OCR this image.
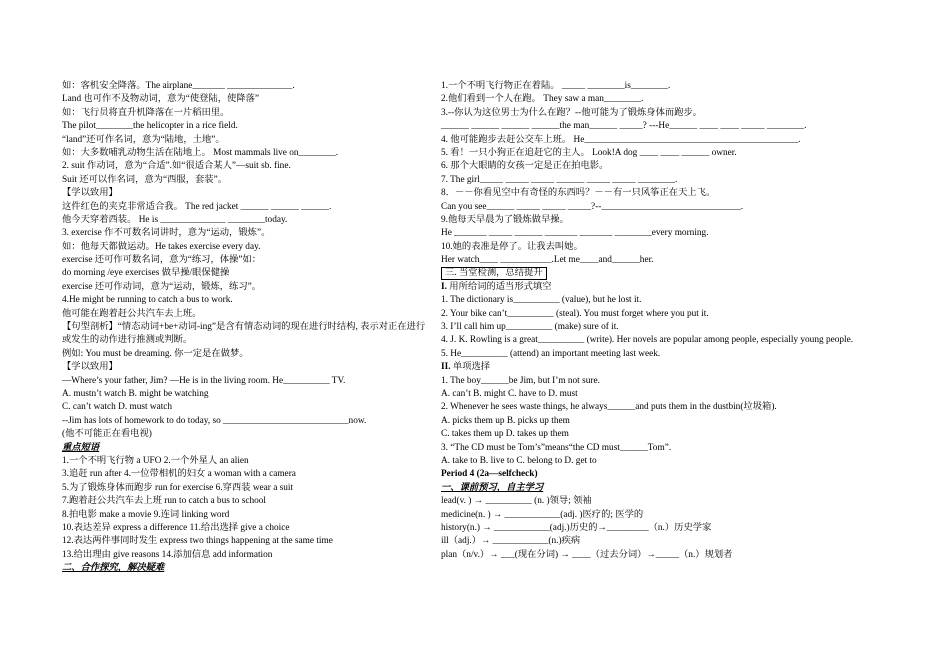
如：客机安全降落。The airplane_______ ______________.
Land 也可作不及物动词，意为“使登陆，使降落”
如：飞行员将直升机降落在一片稻田里。
The pilot________the helicopter in a rice field.
“land”还可作名词，意为“陆地，土地”。
如：大多数哺乳动物生活在陆地上。 Most mammals live on________.
2. suit 作动词，意为“合适”.如“很适合某人”—suit sb. fine.
Suit 还可以作名词，意为“西服，套装”。
【学以致用】
这件红色的夹克非常适合我。 The red jacket ______ ______ ______.
他今天穿着西装。 He is ______________ ________today.
3. exercise 作不可数名词讲时，意为“运动，锻炼”。
如：他每天都做运动。He takes exercise every day.
exercise 还可作可数名词，意为“练习，体操”如：
do morning /eye exercises 做早操/眼保健操
exercise 还可作动词，意为“运动，锻炼，练习”。
4.He might be running to catch a bus to work.
他可能在跑着赶公共汽车去上班。
【句型剖析】“情态动词+be+动词-ing”是含有情态动词的现在进行时结构, 表示对正在进行或发生的动作进行推测或判断。
例如: You must be dreaming. 你一定是在做梦。
【学以致用】
—Where’s your father, Jim? —He is in the living room. He__________ TV.
A. mustn’t watch B. might be watching
C. can’t watch D. must watch
--Jim has lots of homework to do today, so ___________________________now.
(他不可能正在看电视)
重点短语
1.一个不明飞行物 a UFO 2.一个外星人 an alien
3.追赶 run after 4.一位带相机的妇女 a woman with a camera
5.为了锻炼身体而跑步 run for exercise 6.穿西装 wear a suit
7.跑着赶公共汽车去上班 run to catch a bus to school
8.拍电影 make a movie 9.连词 linking word
10.表达差异 express a difference 11.给出选择 give a choice
12.表达两件事同时发生 express two things happening at the same time
13.给出理由 give reasons 14.添加信息 add information
二、合作探究，解决疑难
1.一个不明飞行物正在着陆。 _____ ________is________.
2.他们看到一个人在跑。 They saw a man________.
3.--你认为这位男士为什么在跑？--他可能为了锻炼身体而跑步。
______ ______ ______ ______the man______ _____? ---He______ ____ ____ _____ ________.
4. 他可能跑步去赶公交车上班。 He______________________________________________.
5. 看！一只小狗正在追赶它的主人。 Look!A dog ____ ____ ______ owner.
6. 那个大眼睛的女孩一定是正在拍电影。
7. The girl_____ _____ _____ ______ _____ _____ ________.
8．－－你看见空中有奇怪的东西吗？－－有一只风筝正在天上飞。
Can you see______ _____ _____ _____?--______________________________.
9.他每天早晨为了锻炼做早操。
He _______ _____ ______ _______ _______ ________every morning.
10.她的表准是停了。让我去叫她。
Her watch____ ___________.Let me____and______her.
三. 当堂检测，总结提升
I. 用所给词的适当形式填空
1. The dictionary is__________ (value), but he lost it.
2. Your bike can’t__________ (steal). You must forget where you put it.
3. I’ll call him up__________ (make) sure of it.
4. J. K. Rowling is a great__________ (write). Her novels are popular among people, especially young people.
5. He__________ (attend) an important meeting last week.
II. 单项选择
1. The boy______be Jim, but I’m not sure.
A. can’t B. might C. have to D. must
2. Whenever he sees waste things, he always______and puts them in the dustbin(垃圾箱).
A. picks them up B. picks up them
C. takes them up D. takes up them
3. “The CD must be Tom’s”means“the CD must______Tom”.
A. take to B. live to C. belong to D. get to
Period 4 (2a—selfcheck)
一、课前预习，自主学习
lead(v. ) → __________ (n. )领导; 领袖
medicine(n. ) → ____________(adj. )医疗的; 医学的
history(n.) → ____________(adj.)历史的→_________（n.）历史学家
ill（adj.）→ ____________(n.)疾病
plan（n/v.）→ ___(现在分词) → ____（过去分词）→_____（n.）规划者
